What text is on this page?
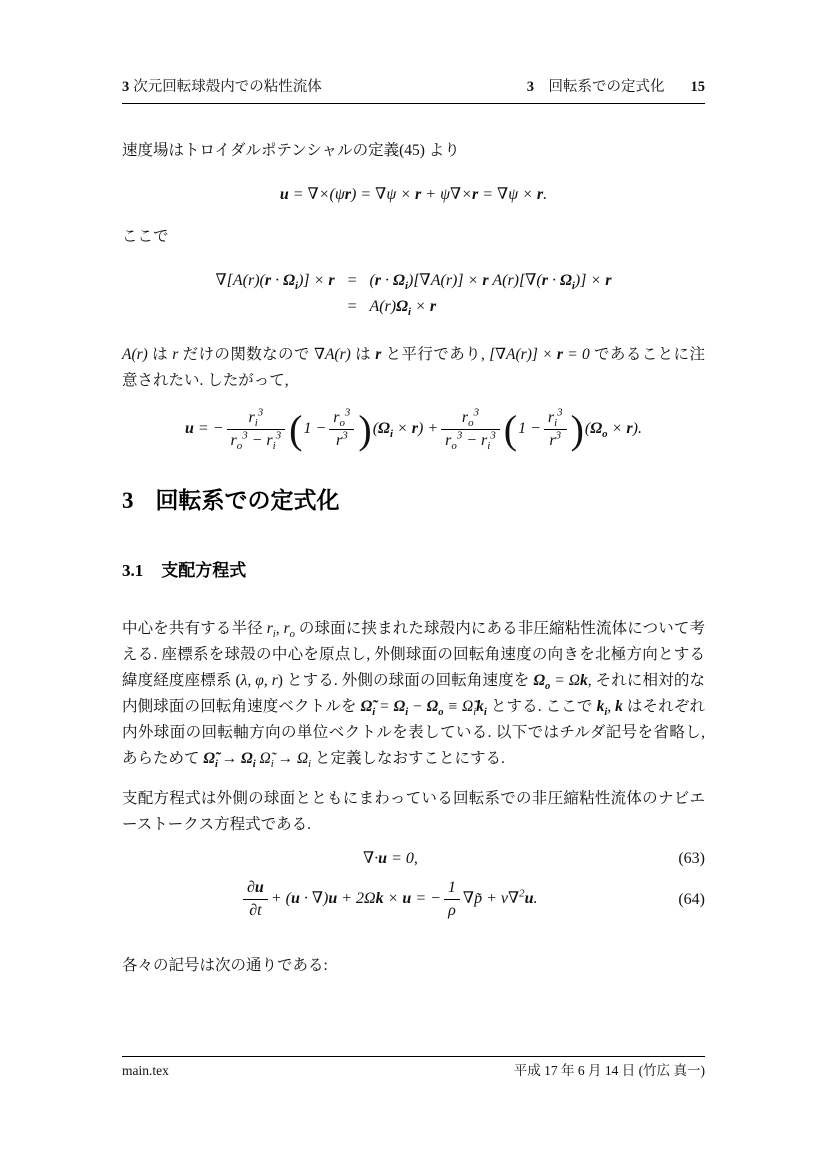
3 次元回転球殻内での粘性流体	3　回転系での定式化 15

速度場はトロイダルポテンシャルの定義(45) より

u = ∇×(ψr) = ∇ψ × r + ψ∇×r = ∇ψ × r.

ここで

$\nabla[A(r)(r \cdot \Omega_i)] \times r$	=	$(r \cdot \Omega_i)[\nabla A(r)] \times r$ $A(r)[\nabla(r \cdot \Omega_i)] \times r$
	=	$A(r)\Omega_i \times r$

A(r) は r だけの関数なので ∇A(r) は r と平行であり, [∇A(r)] × r = 0 であることに注意されたい. したがって,

u = − $\frac{r_i^3}{r_o^3 - r_i^3} (1 - \frac{r_o^3}{r^3} )(\Omega_i \times r) + \frac{r_o^3}{r_o^3 - r_i^3} (1 - \frac{r_i^3}{r^3} )(\Omega_o \times r)$.
3 回転系での定式化
3.1 支配方程式

中心を共有する半径 $r_i$, $r_o$ の球面に挟まれた球殻内にある非圧縮粘性流体について考える. 座標系を球殻の中心を原点し, 外側球面の回転角速度の向きを北極方向とする緯度経度座標系 (λ, φ, r) とする. 外側の球面の回転角速度を $\Omega_o = \Omega k$, それに相対的な内側球面の回転角速度ベクトルを $\Omegã_i = \Omega_i - \Omega_o$ ≡ $\Omegã_ik_i$ とする. ここで $k_i$, k はそれぞれ内外球面の回転軸方向の単位ベクトルを表している. 以下ではチルダ記号を省略し, あらためて $\Omegã_i \to \Omega_i$ $\Omegã_i \to \Omega_i$ と定義しなおすことにする.

支配方程式は外側の球面とともにまわっている回転系での非圧縮粘性流体のナビエーストークス方程式である.

∇·u = 0,	(63)
$\frac{\partial u}{\partial t} + (u \cdot \nabla)u + 2\Omega k \times u$ = − $\frac{1}{\rho}$ ∇p̃ + ν∇$^2$u.	(64)

各々の記号は次の通りである:

main.tex	平成 17 年 6 月 14 日 (竹広 真一)
